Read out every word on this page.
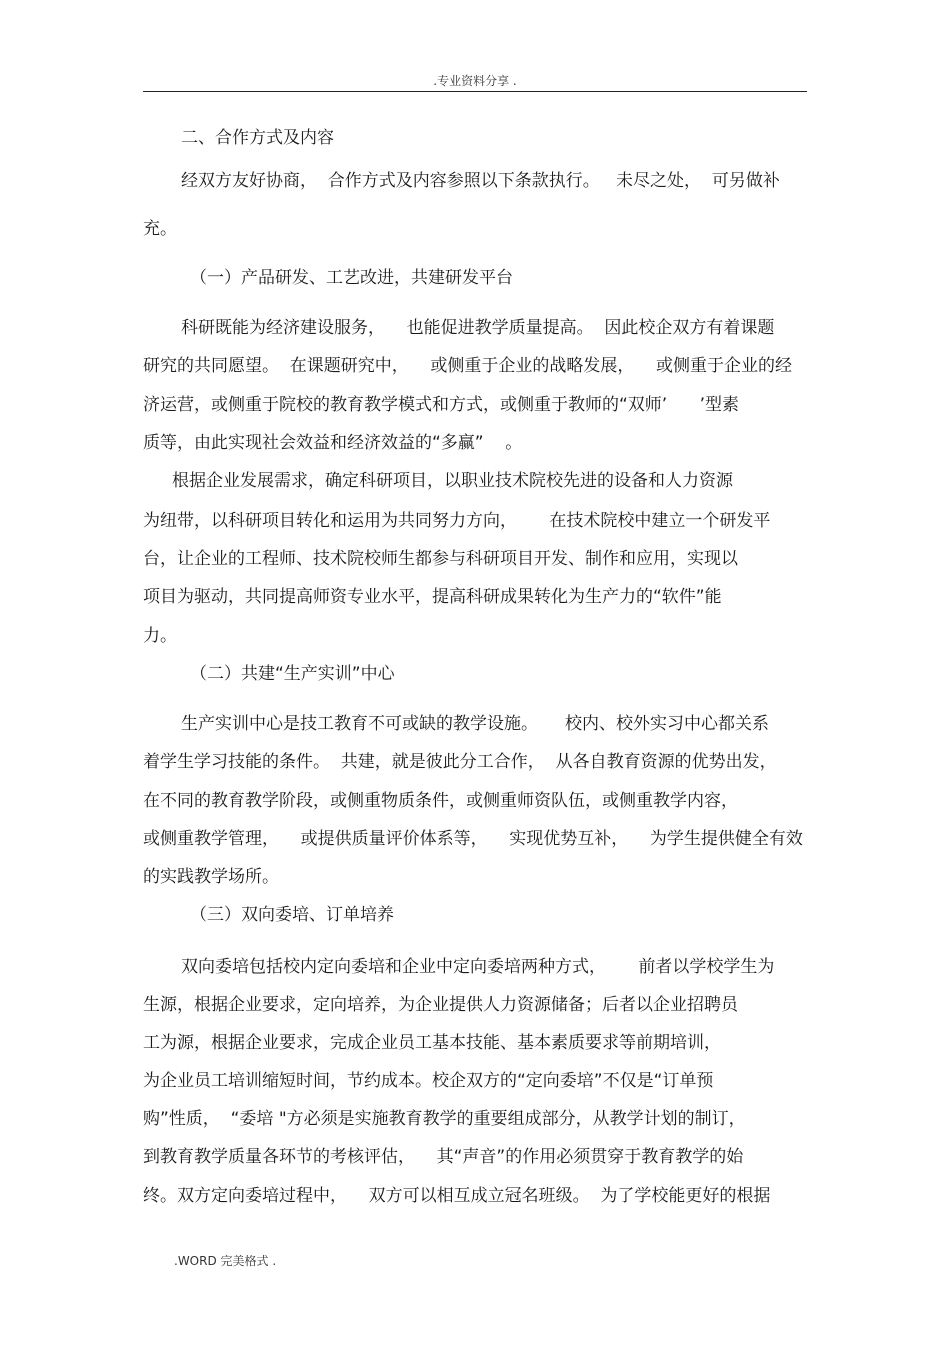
.专业资料分享 .
二、合作方式及内容
经双方友好协商，  合作方式及内容参照以下条款执行。   未尽之处，  可另做补
充。
（一）产品研发、工艺改进，共建研发平台
科研既能为经济建设服务，    也能促进教学质量提高。  因此校企双方有着课题
研究的共同愿望。  在课题研究中，    或侧重于企业的战略发展，    或侧重于企业的经
济运营，或侧重于院校的教育教学模式和方式，或侧重于教师的“双师’      ’型素
质等，由此实现社会效益和经济效益的“多赢”    。
根据企业发展需求，确定科研项目，以职业技术院校先进的设备和人力资源
为纽带，以科研项目转化和运用为共同努力方向，      在技术院校中建立一个研发平
台，让企业的工程师、技术院校师生都参与科研项目开发、制作和应用，实现以
项目为驱动，共同提高师资专业水平，提高科研成果转化为生产力的“软件”能
力。
（二）共建“生产实训”中心
生产实训中心是技工教育不可或缺的教学设施。     校内、校外实习中心都关系
着学生学习技能的条件。  共建，就是彼此分工合作，  从各自教育资源的优势出发，
在不同的教育教学阶段，或侧重物质条件，或侧重师资队伍，或侧重教学内容，
或侧重教学管理，    或提供质量评价体系等，    实现优势互补，    为学生提供健全有效
的实践教学场所。
（三）双向委培、订单培养
双向委培包括校内定向委培和企业中定向委培两种方式，      前者以学校学生为
生源，根据企业要求，定向培养，为企业提供人力资源储备；后者以企业招聘员
工为源，根据企业要求，完成企业员工基本技能、基本素质要求等前期培训，
为企业员工培训缩短时间，节约成本。校企双方的“定向委培”不仅是“订单预
购”性质，  “委培 "方必须是实施教育教学的重要组成部分，从教学计划的制订，
到教育教学质量各环节的考核评估，    其“声音”的作用必须贯穿于教育教学的始
终。双方定向委培过程中，    双方可以相互成立冠名班级。  为了学校能更好的根据
.WORD 完美格式 .
